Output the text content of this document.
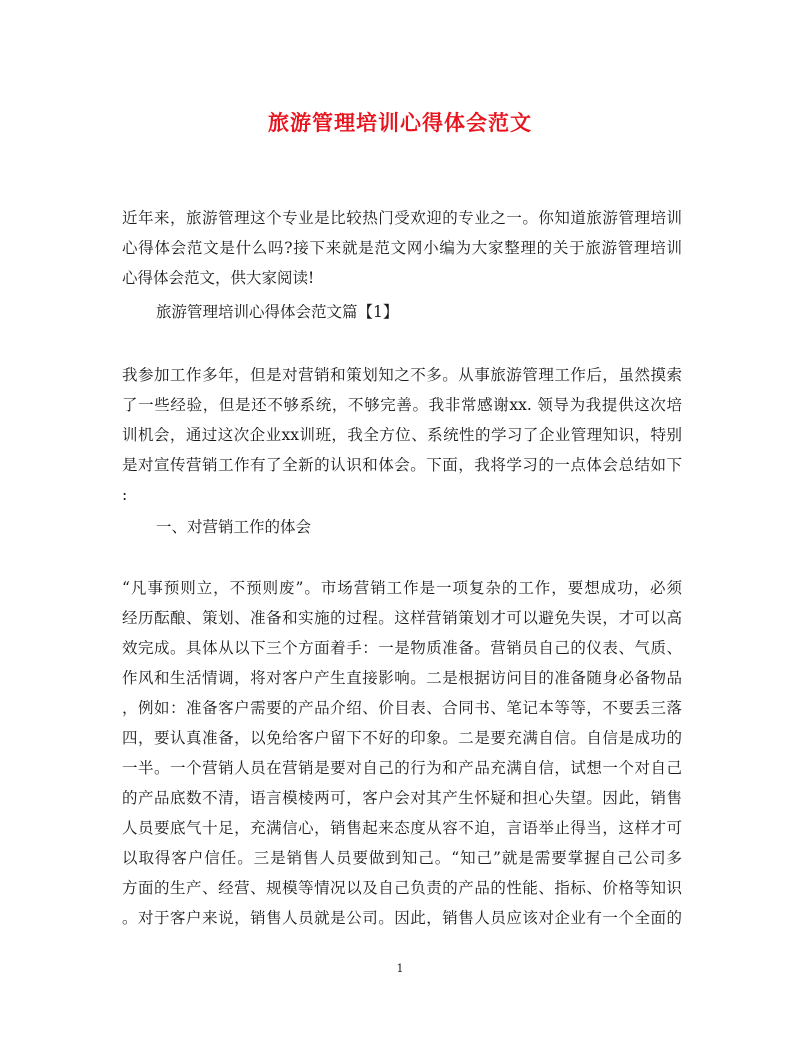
旅游管理培训心得体会范文

近年来，旅游管理这个专业是比较热门受欢迎的专业之一。你知道旅游管理培训

心得体会范文是什么吗?接下来就是范文网小编为大家整理的关于旅游管理培训

心得体会范文，供大家阅读!

旅游管理培训心得体会范文篇【1】

我参加工作多年，但是对营销和策划知之不多。从事旅游管理工作后，虽然摸索

了一些经验，但是还不够系统，不够完善。我非常感谢xx. 领导为我提供这次培

训机会，通过这次企业xx训班，我全方位、系统性的学习了企业管理知识，特别

是对宣传营销工作有了全新的认识和体会。下面，我将学习的一点体会总结如下

:

一、对营销工作的体会

“凡事预则立，不预则废”。市场营销工作是一项复杂的工作，要想成功，必须

经历酝酿、策划、准备和实施的过程。这样营销策划才可以避免失误，才可以高

效完成。具体从以下三个方面着手：一是物质准备。营销员自己的仪表、气质、

作风和生活情调，将对客户产生直接影响。二是根据访问目的准备随身必备物品

，例如：准备客户需要的产品介绍、价目表、合同书、笔记本等等，不要丢三落

四，要认真准备，以免给客户留下不好的印象。二是要充满自信。自信是成功的

一半。一个营销人员在营销是要对自己的行为和产品充满自信，试想一个对自己

的产品底数不清，语言模棱两可，客户会对其产生怀疑和担心失望。因此，销售

人员要底气十足，充满信心，销售起来态度从容不迫，言语举止得当，这样才可

以取得客户信任。三是销售人员要做到知己。“知己”就是需要掌握自己公司多

方面的生产、经营、规模等情况以及自己负责的产品的性能、指标、价格等知识

。对于客户来说，销售人员就是公司。因此，销售人员应该对企业有一个全面的

1
